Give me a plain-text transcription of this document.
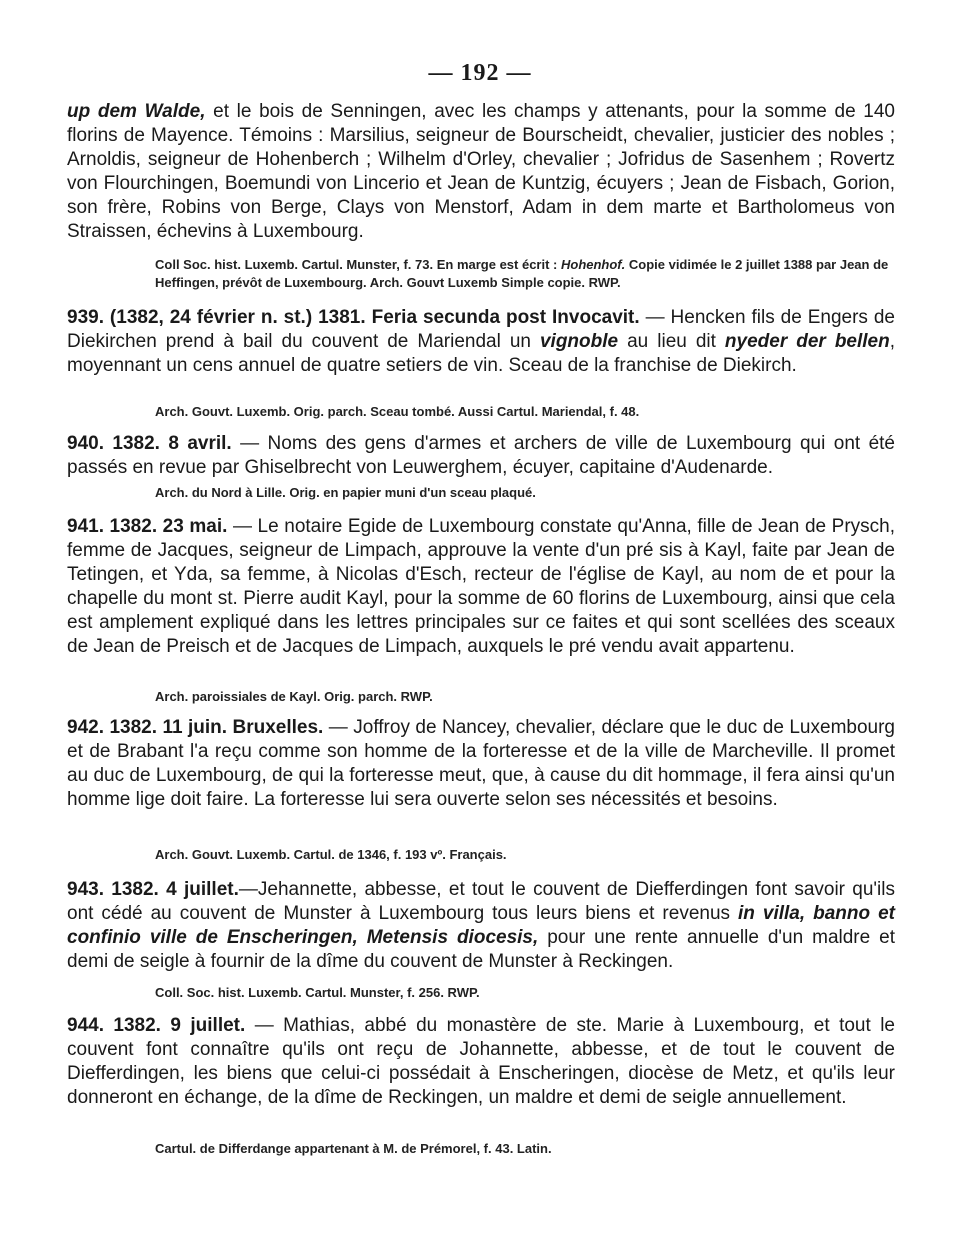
— 192 —

up dem Walde, et le bois de Senningen, avec les champs y attenants, pour la somme de 140 florins de Mayence. Témoins : Marsilius, seigneur de Bourscheidt, chevalier, justicier des nobles ; Arnoldis, seigneur de Hohenberch ; Wilhelm d'Orley, chevalier ; Jofridus de Sasenhem ; Rovertz von Flourchingen, Boemundi von Lincerio et Jean de Kuntzig, écuyers ; Jean de Fisbach, Gorion, son frère, Robins von Berge, Clays von Menstorf, Adam in dem marte et Bartholomeus von Straissen, échevins à Luxembourg.

Coll Soc. hist. Luxemb. Cartul. Munster, f. 73. En marge est écrit : Hohenhof. Copie vidimée le 2 juillet 1388 par Jean de Heffingen, prévôt de Luxembourg. Arch. Gouvt Luxemb Simple copie. RWP.

939. (1382, 24 février n. st.) 1381. Feria secunda post Invocavit. — Hencken fils de Engers de Diekirchen prend à bail du couvent de Mariendal un vignoble au lieu dit nyeder der bellen, moyennant un cens annuel de quatre setiers de vin. Sceau de la franchise de Diekirch.

Arch. Gouvt. Luxemb. Orig. parch. Sceau tombé. Aussi Cartul. Mariendal, f. 48.

940. 1382. 8 avril. — Noms des gens d'armes et archers de ville de Luxembourg qui ont été passés en revue par Ghiselbrecht von Leuwerghem, écuyer, capitaine d'Audenarde.

Arch. du Nord à Lille. Orig. en papier muni d'un sceau plaqué.

941. 1382. 23 mai. — Le notaire Egide de Luxembourg constate qu'Anna, fille de Jean de Prysch, femme de Jacques, seigneur de Limpach, approuve la vente d'un pré sis à Kayl, faite par Jean de Tetingen, et Yda, sa femme, à Nicolas d'Esch, recteur de l'église de Kayl, au nom de et pour la chapelle du mont st. Pierre audit Kayl, pour la somme de 60 florins de Luxembourg, ainsi que cela est amplement expliqué dans les lettres principales sur ce faites et qui sont scellées des sceaux de Jean de Preisch et de Jacques de Limpach, auxquels le pré vendu avait appartenu.

Arch. paroissiales de Kayl. Orig. parch. RWP.

942. 1382. 11 juin. Bruxelles. — Joffroy de Nancey, chevalier, déclare que le duc de Luxembourg et de Brabant l'a reçu comme son homme de la forteresse et de la ville de Marcheville. Il promet au duc de Luxembourg, de qui la forteresse meut, que, à cause du dit hommage, il fera ainsi qu'un homme lige doit faire. La forteresse lui sera ouverte selon ses nécessités et besoins.

Arch. Gouvt. Luxemb. Cartul. de 1346, f. 193 vº. Français.

943. 1382. 4 juillet.—Jehannette, abbesse, et tout le couvent de Diefferdingen font savoir qu'ils ont cédé au couvent de Munster à Luxembourg tous leurs biens et revenus in villa, banno et confinio ville de Enscheringen, Metensis diocesis, pour une rente annuelle d'un maldre et demi de seigle à fournir de la dîme du couvent de Munster à Reckingen.

Coll. Soc. hist. Luxemb. Cartul. Munster, f. 256. RWP.

944. 1382. 9 juillet. — Mathias, abbé du monastère de ste. Marie à Luxembourg, et tout le couvent font connaître qu'ils ont reçu de Johannette, abbesse, et de tout le couvent de Diefferdingen, les biens que celui-ci possédait à Enscheringen, diocèse de Metz, et qu'ils leur donneront en échange, de la dîme de Reckingen, un maldre et demi de seigle annuellement.

Cartul. de Differdange appartenant à M. de Prémorel, f. 43. Latin.
